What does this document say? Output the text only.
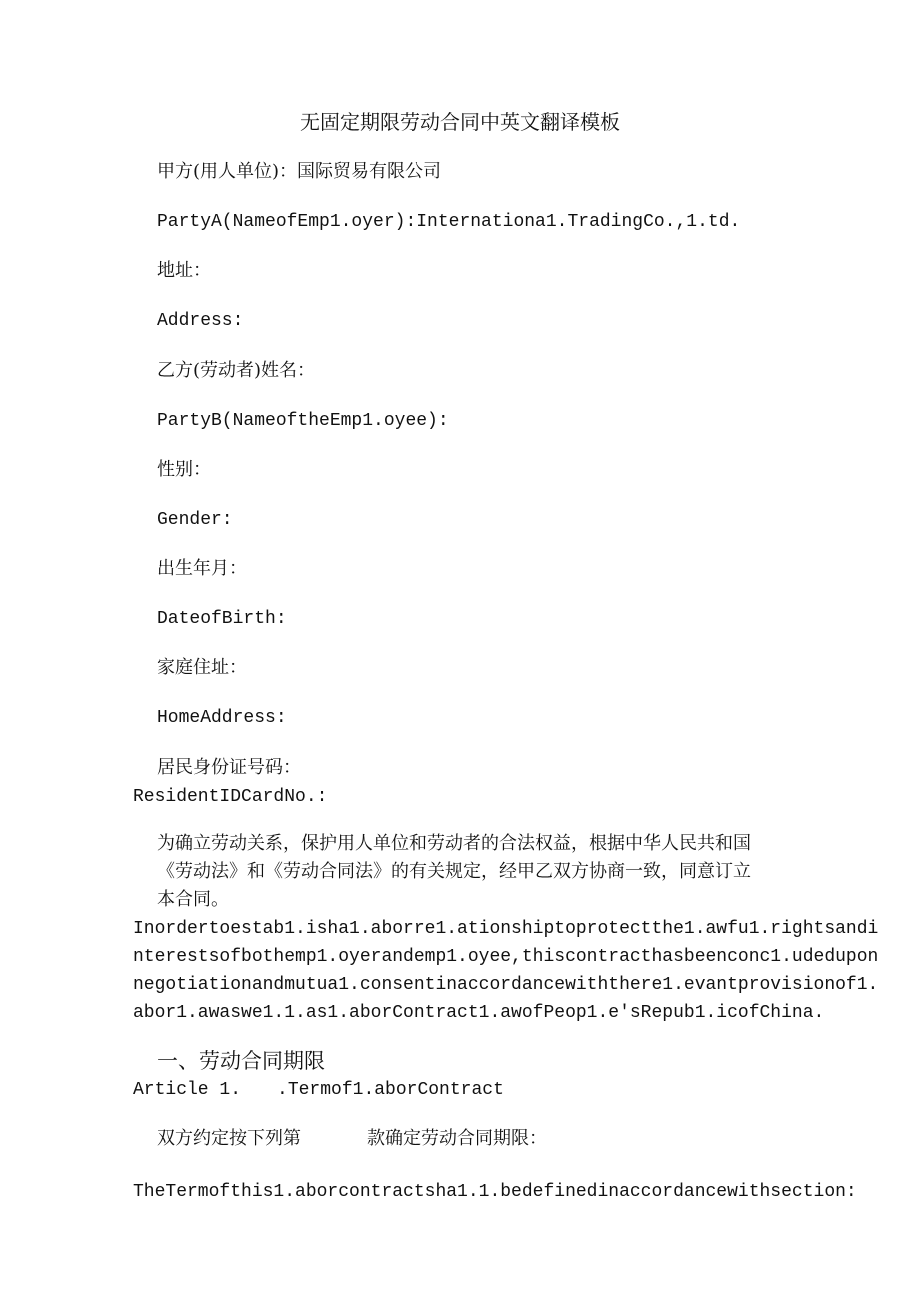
无固定期限劳动合同中英文翻译模板

甲方(用人单位)：国际贸易有限公司

PartyA(NameofEmp1.oyer):Internationa1.TradingCo.,1.td.

地址：

Address:

乙方(劳动者)姓名：

PartyB(NameoftheEmp1.oyee):

性别：

Gender:

出生年月：

DateofBirth:

家庭住址：

HomeAddress:

居民身份证号码：

ResidentIDCardNo.:

为确立劳动关系，保护用人单位和劳动者的合法权益，根据中华人民共和国

《劳动法》和《劳动合同法》的有关规定，经甲乙双方协商一致，同意订立

本合同。

Inordertoestab1.isha1.aborre1.ationshiptoprotectthe1.awfu1.rightsandi

nterestsofbothemp1.oyerandemp1.oyee,thiscontracthasbeenconc1.udedupon

negotiationandmutua1.consentinaccordancewiththere1.evantprovisionof1.

abor1.awaswe1.1.as1.aborContract1.awofPeop1.e'sRepub1.icofChina.

一、劳动合同期限

Article 1. .Termof1.aborContract

双方约定按下列第	款确定劳动合同期限：

TheTermofthis1.aborcontractsha1.1.bedefinedinaccordancewithsection:
